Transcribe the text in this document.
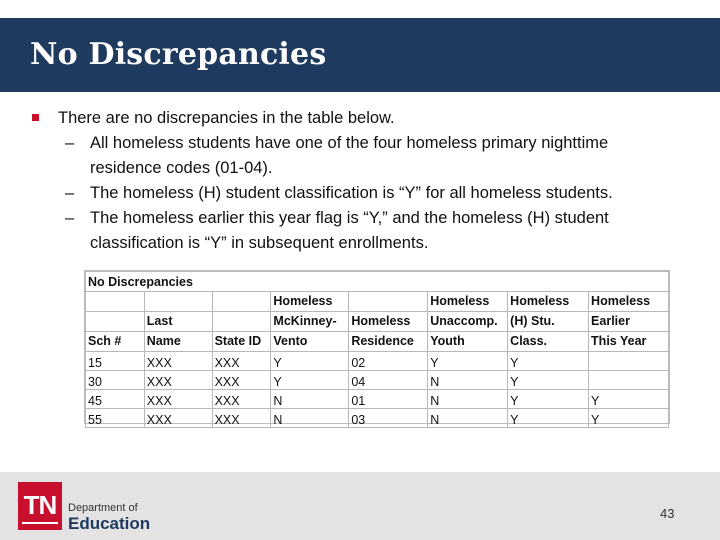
No Discrepancies
There are no discrepancies in the table below.
– All homeless students have one of the four homeless primary nighttime residence codes (01-04).
– The homeless (H) student classification is “Y” for all homeless students.
– The homeless earlier this year flag is “Y,” and the homeless (H) student classification is “Y” in subsequent enrollments.
No Discrepancies							
			Homeless		Homeless	Homeless	Homeless
	Last		McKinney-	Homeless	Unaccomp.	(H) Stu.	Earlier
Sch #	Name	State ID	Vento	Residence	Youth	Class.	This Year
15	XXX	XXX	Y	02	Y	Y	
30	XXX	XXX	Y	04	N	Y	
45	XXX	XXX	N	01	N	Y	Y
55	XXX	XXX	N	03	N	Y	Y
TN	Department of
Education
43
